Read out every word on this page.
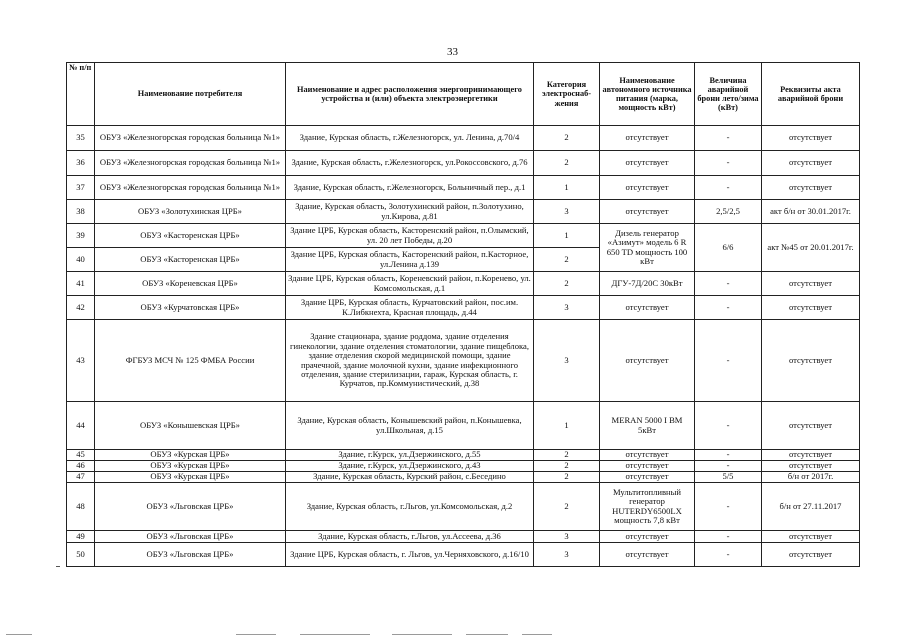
33
№ п/п	Наименование потребителя	Наименование и адрес расположения энергопринимающего устройства и (или) объекта электроэнергетики	Категория электроснаб-жения	Наименование автономного источника питания (марка, мощность кВт)	Величина аварийной брони лето/зима (кВт)	Реквизиты акта аварийной брони
35	ОБУЗ «Железногорская городская больница №1»	Здание, Курская область, г.Железногорск, ул. Ленина, д.70/4	2	отсутствует	-	отсутствует
36	ОБУЗ «Железногорская городская больница №1»	Здание, Курская область, г.Железногорск, ул.Рокоссовского, д.76	2	отсутствует	-	отсутствует
37	ОБУЗ «Железногорская городская больница №1»	Здание, Курская область, г.Железногорск, Больничный пер., д.1	1	отсутствует	-	отсутствует
38	ОБУЗ «Золотухинская ЦРБ»	Здание, Курская область, Золотухинский район, п.Золотухино, ул.Кирова, д.81	3	отсутствует	2,5/2,5	акт б/н от 30.01.2017г.
39	ОБУЗ «Касторенская ЦРБ»	Здание ЦРБ, Курская область, Касторенский район, п.Олымский, ул. 20 лет Победы, д.20	1	Дизель генератор «Азимут» модель 6 R 650 TD мощность 100 кВт	6/6	акт №45 от 20.01.2017г.
40	ОБУЗ «Касторенская ЦРБ»	Здание ЦРБ, Курская область, Касторенский район, п.Касторное, ул.Ленина д.139	2			
41	ОБУЗ «Кореневская ЦРБ»	Здание ЦРБ, Курская область, Кореневский район, п.Коренево, ул. Комсомольская, д.1	2	ДГУ-7Д/20С 30кВт	-	отсутствует
42	ОБУЗ «Курчатовская ЦРБ»	Здание ЦРБ, Курская область, Курчатовский район, пос.им. К.Либкнехта, Красная площадь, д.44	3	отсутствует	-	отсутствует
43	ФГБУЗ МСЧ № 125 ФМБА России	Здание стационара, здание роддома, здание отделения гинекологии, здание отделения стоматологии, здание пищеблока, здание отделения скорой медицинской помощи, здание прачечной, здание молочной кухни, здание инфекционного отделения, здание стерилизации, гараж, Курская область, г. Курчатов, пр.Коммунистический, д.38	3	отсутствует	-	отсутствует
44	ОБУЗ «Конышевская ЦРБ»	Здание, Курская область, Конышевский район, п.Конышевка, ул.Школьная, д.15	1	MERAN 5000 I BM 5кВт	-	отсутствует
45	ОБУЗ «Курская ЦРБ»	Здание, г.Курск, ул.Дзержинского, д.55	2	отсутствует	-	отсутствует
46	ОБУЗ «Курская ЦРБ»	Здание, г.Курск, ул.Дзержинского, д.43	2	отсутствует	-	отсутствует
47	ОБУЗ «Курская ЦРБ»	Здание, Курская область, Курский район, с.Беседино	2	отсутствует	5/5	б/н от 2017г.
48	ОБУЗ «Льговская ЦРБ»	Здание, Курская область, г.Льгов, ул.Комсомольская, д.2	2	Мультитопливный генератор HUTERDY6500LX мощность 7,8 кВт	-	б/н от 27.11.2017
49	ОБУЗ «Льговская ЦРБ»	Здание, Курская область, г.Льгов, ул.Ассеева, д.36	3	отсутствует	-	отсутствует
50	ОБУЗ «Льговская ЦРБ»	Здание ЦРБ, Курская область, г. Льгов, ул.Черняховского, д.16/10	3	отсутствует	-	отсутствует
